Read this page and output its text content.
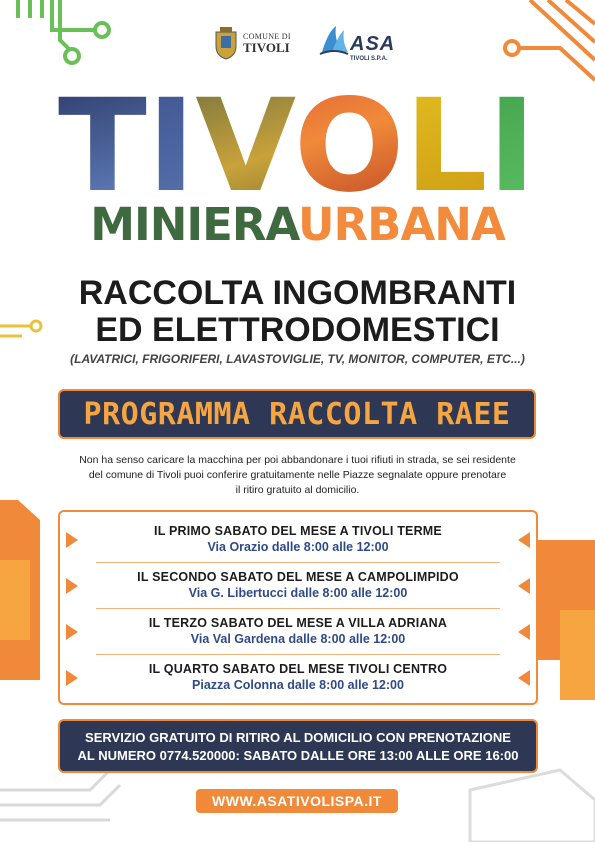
COMUNE DI
TIVOLI	ASA
TIVOLI S.P.A.
TIVOLI
MINIERAURBANA
RACCOLTA INGOMBRANTI
ED ELETTRODOMESTICI
(LAVATRICI, FRIGORIFERI, LAVASTOVIGLIE, TV, MONITOR, COMPUTER, ETC...)
PROGRAMMA RACCOLTA RAEE
Non ha senso caricare la macchina per poi abbandonare i tuoi rifiuti in strada, se sei residente
del comune di Tivoli puoi conferire gratuitamente nelle Piazze segnalate oppure prenotare
il ritiro gratuito al domicilio.
IL PRIMO SABATO DEL MESE A TIVOLI TERME
Via Orazio dalle 8:00 alle 12:00
IL SECONDO SABATO DEL MESE A CAMPOLIMPIDO
Via G. Libertucci dalle 8:00 alle 12:00
IL TERZO SABATO DEL MESE A VILLA ADRIANA
Via Val Gardena dalle 8:00 alle 12:00
IL QUARTO SABATO DEL MESE TIVOLI CENTRO
Piazza Colonna dalle 8:00 alle 12:00
SERVIZIO GRATUITO DI RITIRO AL DOMICILIO CON PRENOTAZIONE
AL NUMERO 0774.520000: SABATO DALLE ORE 13:00 ALLE ORE 16:00
WWW.ASATIVOLISPA.IT
